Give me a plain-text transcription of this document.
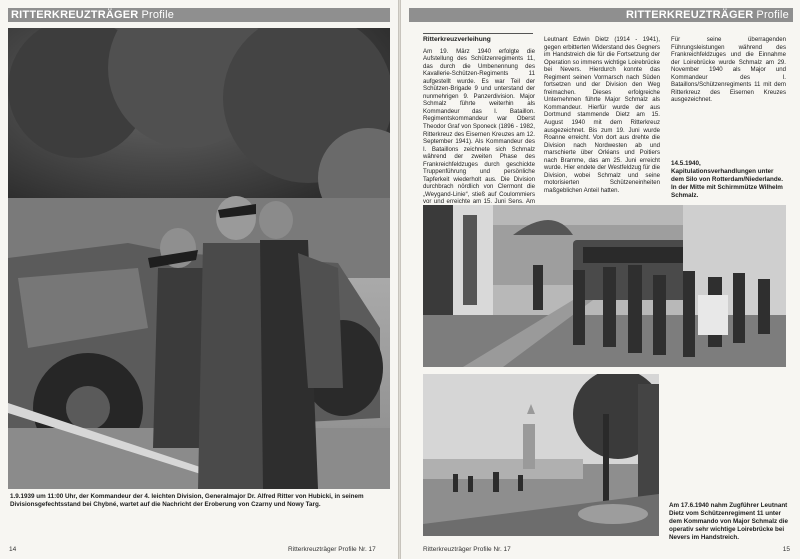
RITTERKREUZTRÄGER Profile
1.9.1939 um 11:00 Uhr, der Kommandeur der 4. leichten Division, Generalmajor Dr. Alfred Ritter von Hubicki, in seinem Divisionsgefechtsstand bei Chybné, wartet auf die Nachricht der Eroberung von Czarny und Nowy Targ.
14	Ritterkreuzträger Profile Nr. 17
RITTERKREUZTRÄGER Profile
Ritterkreuzverleihung
Am 19. März 1940 erfolgte die Aufstellung des Schützenregiments 11, das durch die Umbenennung des Kavallerie-Schützen-Regiments 11 aufgestellt wurde. Es war Teil der Schützen-Brigade 9 und unterstand der nunmehrigen 9. Panzerdivision. Major Schmalz führte weiterhin als Kommandeur das I. Bataillon. Regimentskommandeur war Oberst Theodor Graf von Sponeck (1896 - 1982, Ritterkreuz des Eisernen Kreuzes am 12. September 1941). Als Kommandeur des I. Bataillons zeichnete sich Schmalz während der zweiten Phase des Frankreichfeldzuges durch geschickte Truppenführung und persönliche Tapferkeit wiederholt aus. Die Division durchbrach nördlich von Clermont die „Weygand-Linie“, stieß auf Coulommiers vor und erreichte am 15. Juni Sens. Am
Leutnant Edwin Dietz (1914 - 1941), gegen erbitterten Widerstand des Gegners im Handstreich die für die Fortsetzung der Operation so immens wichtige Loirebrücke bei Nevers. Hierdurch konnte das Regiment seinen Vormarsch nach Süden fortsetzen und der Division den Weg freimachen. Dieses erfolgreiche Unternehmen führte Major Schmalz als Kommandeur. Hierfür wurde der aus Dortmund stammende Dietz am 15. August 1940 mit dem Ritterkreuz ausgezeichnet. Bis zum 19. Juni wurde Roanne erreicht. Von dort aus drehte die Division nach Nordwesten ab und marschierte über Orléans und Poitiers nach Bramme, das am 25. Juni erreicht wurde. Hier endete der Westfeldzug für die Division, wobei Schmalz und seine motorisierten Schützeneinheiten maßgeblichen Anteil hatten.
Für seine überragenden Führungsleistungen während des Frankreichfeldzuges und die Einnahme der Loirebrücke wurde Schmalz am 29. November 1940 als Major und Kommandeur des I. Bataillons/Schützenregiments 11 mit dem Ritterkreuz des Eisernen Kreuzes ausgezeichnet.
14.5.1940, Kapitulationsverhandlungen unter dem Silo von Rotterdam/Niederlande. In der Mitte mit Schirmmütze Wilhelm Schmalz.
Am 17.6.1940 nahm Zugführer Leutnant Dietz vom Schützenregiment 11 unter dem Kommando von Major Schmalz die operativ sehr wichtige Loirebrücke bei Nevers im Handstreich.
Ritterkreuzträger Profile Nr. 17	15
